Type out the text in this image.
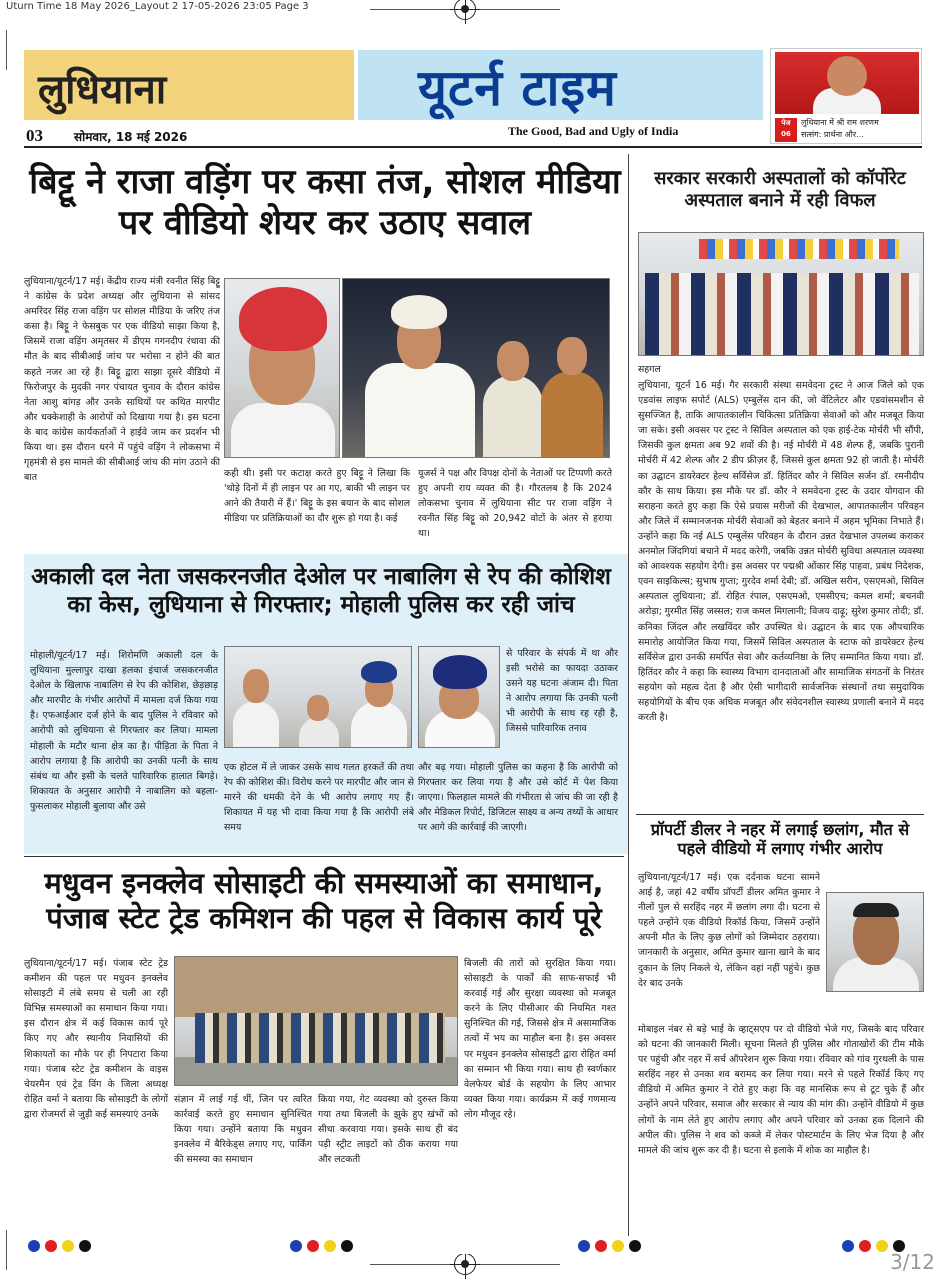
Uturn Time 18 May 2026_Layout 2 17-05-2026 23:05 Page 3
लुधियाना	यूटर्न टाइम
The Good, Bad and Ugly of India
03	सोमवार, 18 मई 2026
पेज
06
लुधियाना में श्री राम शरणम
सत्संग: प्रार्थना और...
बिट्टू ने राजा वड़िंग पर कसा तंज, सोशल मीडिया पर वीडियो शेयर कर उठाए सवाल
लुधियाना/यूटर्न/17 मई। केंद्रीय राज्य मंत्री रवनीत सिंह बिट्टू ने कांग्रेस के प्रदेश अध्यक्ष और लुधियाना से सांसद अमरिंदर सिंह राजा वड़िंग पर सोशल मीडिया के जरिए तंज कसा है। बिट्टू ने फेसबुक पर एक वीडियो साझा किया है, जिसमें राजा वड़िंग अमृतसर में डीएम गगनदीप रंधावा की मौत के बाद सीबीआई जांच पर भरोसा न होने की बात कहते नजर आ रहे हैं। बिट्टू द्वारा साझा दूसरे वीडियो में फिरोजपुर के मुदकी नगर पंचायत चुनाव के दौरान कांग्रेस नेता आशु बांगड़ और उनके साथियों पर कथित मारपीट और धक्केशाही के आरोपों को दिखाया गया है। इस घटना के बाद कांग्रेस कार्यकर्ताओं ने हाईवे जाम कर प्रदर्शन भी किया था। इस दौरान धरने में पहुंचे वड़िंग ने लोकसभा में गृहमंत्री से इस मामले की सीबीआई जांच की मांग उठाने की बात	कही थी। इसी पर कटाक्ष करते हुए बिट्टू ने लिखा कि 'थोड़े दिनों में ही लाइन पर आ गए, बाकी भी लाइन पर आने की तैयारी में हैं।' बिट्टू के इस बयान के बाद सोशल मीडिया पर प्रतिक्रियाओं का दौर शुरू हो गया है। कई
यूजर्स ने पक्ष और विपक्ष दोनों के नेताओं पर टिप्पणी करते हुए अपनी राय व्यक्त की है। गौरतलब है कि 2024 लोकसभा चुनाव में लुधियाना सीट पर राजा वड़िंग ने रवनीत सिंह बिट्टू को 20,942 वोटों के अंतर से हराया था।
अकाली दल नेता जसकरनजीत देओल पर नाबालिग से रेप की कोशिश का केस, लुधियाना से गिरफ्तार; मोहाली पुलिस कर रही जांच
मोहाली/यूटर्न/17 मई। शिरोमणि अकाली दल के लुधियाना मुल्लापुर दाखा हलका इंचार्ज जसकरनजीत देओल के खिलाफ नाबालिग से रेप की कोशिश, छेड़छाड़ और मारपीट के गंभीर आरोपों में मामला दर्ज किया गया है। एफआईआर दर्ज होने के बाद पुलिस ने रविवार को आरोपी को लुधियाना से गिरफ्तार कर लिया। मामला मोहाली के मटौर थाना क्षेत्र का है। पीड़िता के पिता ने आरोप लगाया है कि आरोपी का उनकी पत्नी के साथ संबंध था और इसी के चलते पारिवारिक हालात बिगड़े। शिकायत के अनुसार आरोपी ने नाबालिग को बहला-फुसलाकर मोहाली बुलाया और उसे
एक होटल में ले जाकर उसके साथ गलत हरकतें की तथा रेप की कोशिश की। विरोध करने पर मारपीट और जान से मारने की धमकी देने के भी आरोप लगाए गए हैं। शिकायत में यह भी दावा किया गया है कि आरोपी लंबे समय
से परिवार के संपर्क में था और इसी भरोसे का फायदा उठाकर उसने यह घटना अंजाम दी। पिता ने आरोप लगाया कि उनकी पत्नी भी आरोपी के साथ रह रही है, जिससे पारिवारिक तनाव
और बढ़ गया। मोहाली पुलिस का कहना है कि आरोपी को गिरफ्तार कर लिया गया है और उसे कोर्ट में पेश किया जाएगा। फिलहाल मामले की गंभीरता से जांच की जा रही है और मेडिकल रिपोर्ट, डिजिटल साक्ष्य व अन्य तथ्यों के आधार पर आगे की कार्रवाई की जाएगी।
मधुवन इनक्लेव सोसाइटी की समस्याओं का समाधान, पंजाब स्टेट ट्रेड कमिशन की पहल से विकास कार्य पूरे
लुधियाना/यूटर्न/17 मई। पंजाब स्टेट ट्रेड कमीशन की पहल पर मधुवन इनक्लेव सोसाइटी में लंबे समय से चली आ रही विभिन्न समस्याओं का समाधान किया गया। इस दौरान क्षेत्र में कई विकास कार्य पूरे किए गए और स्थानीय निवासियों की शिकायतों का मौके पर ही निपटारा किया गया। पंजाब स्टेट ट्रेड कमीशन के वाइस चेयरमैन एवं ट्रेड विंग के जिला अध्यक्ष रोहित वर्मा ने बताया कि सोसाइटी के लोगों द्वारा रोजमर्रा से जुड़ी कई समस्याएं उनके
संज्ञान में लाई गई थीं, जिन पर त्वरित कार्रवाई करते हुए समाधान सुनिश्चित किया गया। उन्होंने बताया कि मधुवन इनक्लेव में बैरिकेड्स लगाए गए, पार्किंग की समस्या का समाधान
किया गया, गेट व्यवस्था को दुरुस्त किया गया तथा बिजली के झुके हुए खंभों को सीधा करवाया गया। इसके साथ ही बंद पड़ी स्ट्रीट लाइटों को ठीक कराया गया और लटकती
बिजली की तारों को सुरक्षित किया गया। सोसाइटी के पार्कों की साफ-सफाई भी करवाई गई और सुरक्षा व्यवस्था को मजबूत करने के लिए पीसीआर की नियमित गश्त सुनिश्चित की गई, जिससे क्षेत्र में असामाजिक तत्वों में भय का माहौल बना है। इस अवसर पर मधुवन इनक्लेव सोसाइटी द्वारा रोहित वर्मा का सम्मान भी किया गया। साथ ही स्वर्णकार वेलफेयर बोर्ड के सहयोग के लिए आभार व्यक्त किया गया। कार्यक्रम में कई गणमान्य लोग मौजूद रहे।
सरकार सरकारी अस्पतालों को कॉर्पोरेट अस्पताल बनाने में रही विफल
सहगल
लुधियाना, यूटर्न 16 मई। गैर सरकारी संस्था समवेदना ट्रस्ट ने आज जिले को एक एडवांस लाइफ सपोर्ट (ALS) एम्बुलेंस दान की, जो वेंटिलेटर और एडवांसमशीन से सुसज्जित है, ताकि आपातकालीन चिकित्सा प्रतिक्रिया सेवाओं को और मजबूत किया जा सके। इसी अवसर पर ट्रस्ट ने सिविल अस्पताल को एक हाई-टेक मोर्चरी भी सौंपी, जिसकी कुल क्षमता अब 92 शवों की है। नई मोर्चरी में 48 शेल्फ हैं, जबकि पुरानी मोर्चरी में 42 शेल्फ और 2 डीप फ्रीज़र हैं, जिससे कुल क्षमता 92 हो जाती है। मोर्चरी का उद्घाटन डायरेक्टर हेल्थ सर्विसेज डॉ. हितिंदर कौर ने सिविल सर्जन डॉ. रमनीदीप कौर के साथ किया। इस मौके पर डॉ. कौर ने समवेदना ट्रस्ट के उदार योगदान की सराहना करते हुए कहा कि ऐसे प्रयास मरीजों की देखभाल, आपातकालीन परिवहन और जिले में सम्मानजनक मोर्चरी सेवाओं को बेहतर बनाने में अहम भूमिका निभाते हैं। उन्होंने कहा कि नई ALS एम्बुलेंस परिवहन के दौरान उन्नत देखभाल उपलब्ध कराकर अनमोल जिंदगियां बचाने में मदद करेगी, जबकि उन्नत मोर्चरी सुविधा अस्पताल व्यवस्था को आवश्यक सहयोग देगी। इस अवसर पर पद्मश्री ओंकार सिंह पाहवा, प्रबंध निदेशक, एवन साइकिल्स; सुभाष गुप्ता; गुरदेव शर्मा देबी; डॉ. अखिल सरीन, एसएमओ, सिविल अस्पताल लुधियाना; डॉ. रोहित रंपाल, एसएमओ, एमसीएच; कमल शर्मा; बचनवी अरोड़ा; गुरमीत सिंह जस्सल; राज कमल मिगलानी; विजय दाढ़ू; सुरेश कुमार तोदी; डॉ. कनिका जिंदल और लखविंदर कौर उपस्थित थे। उद्घाटन के बाद एक औपचारिक समारोह आयोजित किया गया, जिसमें सिविल अस्पताल के स्टाफ को डायरेक्टर हेल्थ सर्विसेज द्वारा उनकी समर्पित सेवा और कर्तव्यनिष्ठा के लिए सम्मानित किया गया। डॉ. हितिंदर कौर ने कहा कि स्वास्थ्य विभाग दानदाताओं और सामाजिक संगठनों के निरंतर सहयोग को महत्व देता है और ऐसी भागीदारी सार्वजनिक संस्थानों तथा समुदायिक सहयोगियों के बीच एक अधिक मजबूत और संवेदनशील स्वास्थ्य प्रणाली बनाने में मदद करती है।
प्रॉपर्टी डीलर ने नहर में लगाई छलांग, मौत से पहले वीडियो में लगाए गंभीर आरोप
लुधियाना/यूटर्न/17 मई। एक दर्दनाक घटना सामने आई है, जहां 42 वर्षीय प्रॉपर्टी डीलर अमित कुमार ने नीलों पुल से सरहिंद नहर में छलांग लगा दी। घटना से पहले उन्होंने एक वीडियो रिकॉर्ड किया, जिसमें उन्होंने अपनी मौत के लिए कुछ लोगों को जिम्मेदार ठहराया। जानकारी के अनुसार, अमित कुमार खाना खाने के बाद दुकान के लिए निकले थे, लेकिन वहां नहीं पहुंचे। कुछ देर बाद उनके
मोबाइल नंबर से बड़े भाई के व्हाट्सएप पर दो वीडियो भेजे गए, जिसके बाद परिवार को घटना की जानकारी मिली। सूचना मिलते ही पुलिस और गोताखोरों की टीम मौके पर पहुंची और नहर में सर्च ऑपरेशन शुरू किया गया। रविवार को गांव गुरथली के पास सरहिंद नहर से उनका शव बरामद कर लिया गया। मरने से पहले रिकॉर्ड किए गए वीडियो में अमित कुमार ने रोते हुए कहा कि वह मानसिक रूप से टूट चुके हैं और उन्होंने अपने परिवार, समाज और सरकार से न्याय की मांग की। उन्होंने वीडियो में कुछ लोगों के नाम लेते हुए आरोप लगाए और अपने परिवार को उनका हक दिलाने की अपील की। पुलिस ने शव को कब्जे में लेकर पोस्टमार्टम के लिए भेज दिया है और मामले की जांच शुरू कर दी है। घटना से इलाके में शोक का माहौल है।
3/12
